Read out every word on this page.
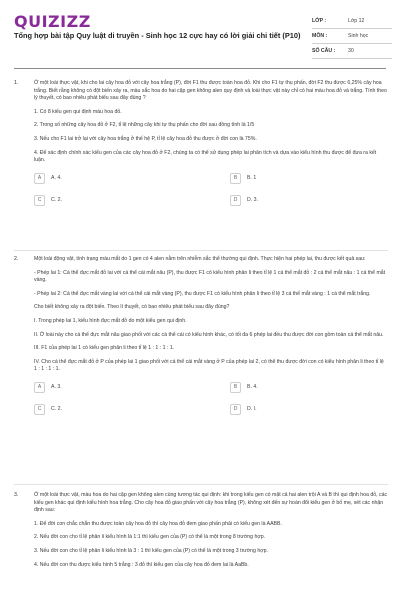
QUIZIZZ
Tổng hợp bài tập Quy luật di truyền - Sinh học 12 cực hay có lời giải chi tiết (P10)
LỚP :	Lớp 12
MÔN :	Sinh học
SỐ CÂU :	30
1.	Ở một loài thực vật, khi cho lai cây hoa đỏ với cây hoa trắng (P), đời F1 thu được toàn hoa đỏ. Khi cho F1 tự thụ phấn, đời F2 thu được 6,25% cây hoa trắng. Biết rằng không có đột biến xảy ra, màu sắc hoa do hai cặp gen không alen quy định và loài thực vật này chỉ có hai màu hoa đỏ và trắng. Tính theo lý thuyết, có bao nhiêu phát biểu sau đây đúng ?

1. Có 8 kiểu gen qui định màu hoa đỏ.

2. Trong số những cây hoa đỏ ở F2, tỉ lệ những cây khi tự thụ phấn cho đời sau đồng tính là 1/5

3. Nếu cho F1 lai trở lại với cây hoa trắng ở thế hệ P, tỉ lệ cây hoa đỏ thu được ở đời con là 75%.

4. Để xác định chính xác kiểu gen của các cây hoa đỏ ở F2, chúng ta có thể sử dụng phép lai phân tích và dựa vào kiểu hình thu được để đưa ra kết luận.

A	A. 4.	B	B. 1
C	C. 2.	D	D. 3.
2.	Một loài động vật, tính trạng màu mắt do 1 gen có 4 alen nằm trên nhiễm sắc thể thường qui định. Thực hiện hai phép lai, thu được kết quả sau:

- Phép lai 1: Cá thể đực mắt đỏ lai với cá thể cái mắt nâu (P), thu được F1 có kiểu hình phân li theo tỉ lệ 1 cá thể mắt đỏ : 2 cá thể mắt nâu : 1 cá thể mắt vàng.

- Phép lai 2: Cá thể đực mắt vàng lai với cá thể cái mắt vàng (P), thu được F1 có kiểu hình phân li theo tỉ lệ 3 cá thể mắt vàng : 1 cá thể mắt trắng.

Cho biết không xảy ra đột biến. Theo lí thuyết, có bao nhiêu phát biểu sau đây đúng?

I. Trong phép lai 1, kiểu hình đực mắt đỏ do một kiểu gen qui định.

II. Ở loài này cho cá thể đực mắt nâu giao phối với các cá thể cái có kiểu hình khác, có tối đa 6 phép lai đều thu được đời con gồm toàn cá thể mắt nâu.

III. F1 của phép lai 1 có kiểu gen phân li theo tỉ lệ 1 : 1 : 1 : 1.

IV. Cho cá thể đực mắt đỏ ở P của phép lai 1 giao phối với cá thể cái mắt vàng ở P của phép lai 2, có thể thu được đời con có kiểu hình phân li theo tỉ lệ 1 : 1 : 1 : 1.

A	A. 3.	B	B. 4.
C	C. 2.	D	D. I.
3.	Ở một loài thực vật, màu hoa do hai cặp gen không alen cùng tương tác qui định: khi trong kiểu gen có mặt cả hai alen trội A và B thì qui định hoa đỏ, các kiểu gen khác qui định kiểu hình hoa trắng. Cho cây hoa đỏ giao phấn với cây hoa trắng (P), không xét đến sự hoán đổi kiểu gen ở bố mẹ, xét các nhận định sau:

1. Để đời con chắc chắn thu được toàn cây hoa đỏ thì cây hoa đỏ đem giao phấn phải có kiểu gen là AABB.

2. Nếu đời con cho tỉ lệ phân li kiểu hình là 1:1 thì kiểu gen của (P) có thể là một trong 8 trường hợp.

3. Nếu đời con cho tỉ lệ phân li kiểu hình là 3 : 1 thì kiểu gen của (P) có thể là một trong 3 trường hợp.

4. Nếu đời con thu được kiểu hình 5 trắng : 3 đỏ thì kiểu gen của cây hoa đỏ đem lai là AaBb.
